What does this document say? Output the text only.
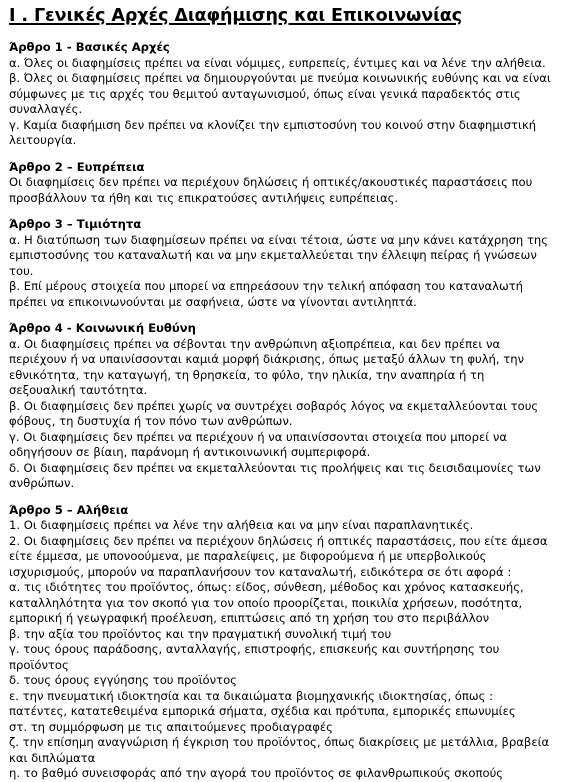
I . Γενικές Αρχές Διαφήμισης και Επικοινωνίας
Άρθρο 1 - Βασικές Αρχές
α. Όλες οι διαφημίσεις πρέπει να είναι νόμιμες, ευπρεπείς, έντιμες και να λένε την αλήθεια.
β. Όλες οι διαφημίσεις πρέπει να δημιουργούνται με πνεύμα κοινωνικής ευθύνης και να είναι σύμφωνες με τις αρχές του θεμιτού ανταγωνισμού, όπως είναι γενικά παραδεκτός στις συναλλαγές.
γ. Καμία διαφήμιση δεν πρέπει να κλονίζει την εμπιστοσύνη του κοινού στην διαφημιστική λειτουργία.
Άρθρο 2 – Ευπρέπεια
Οι διαφημίσεις δεν πρέπει να περιέχουν δηλώσεις ή οπτικές/ακουστικές παραστάσεις που προσβάλλουν τα ήθη και τις επικρατούσες αντιλήψεις ευπρέπειας.
Άρθρο 3 – Τιμιότητα
α. Η διατύπωση των διαφημίσεων πρέπει να είναι τέτοια, ώστε να μην κάνει κατάχρηση της εμπιστοσύνης του καταναλωτή και να μην εκμεταλλεύεται την έλλειψη πείρας ή γνώσεων του.
β. Επί μέρους στοιχεία που μπορεί να επηρεάσουν την τελική απόφαση του καταναλωτή πρέπει να επικοινωνούνται με σαφήνεια, ώστε να γίνονται αντιληπτά.
Άρθρο 4 - Κοινωνική Ευθύνη
α. Οι διαφημίσεις πρέπει να σέβονται την ανθρώπινη αξιοπρέπεια, και δεν πρέπει να περιέχουν ή να υπαινίσσονται καμιά μορφή διάκρισης, όπως μεταξύ άλλων τη φυλή, την εθνικότητα, την καταγωγή, τη θρησκεία, το φύλο, την ηλικία, την αναπηρία ή τη σεξουαλική ταυτότητα.
β. Οι διαφημίσεις δεν πρέπει χωρίς να συντρέχει σοβαρός λόγος να εκμεταλλεύονται τους φόβους, τη δυστυχία ή τον πόνο των ανθρώπων.
γ. Οι διαφημίσεις δεν πρέπει να περιέχουν ή να υπαινίσσονται στοιχεία που μπορεί να οδηγήσουν σε βίαιη, παράνομη ή αντικοινωνική συμπεριφορά.
δ. Οι διαφημίσεις δεν πρέπει να εκμεταλλεύονται τις προλήψεις και τις δεισιδαιμονίες των ανθρώπων.
Άρθρο 5 – Αλήθεια
1. Οι διαφημίσεις πρέπει να λένε την αλήθεια και να μην είναι παραπλανητικές.
2. Οι διαφημίσεις δεν πρέπει να περιέχουν δηλώσεις ή οπτικές παραστάσεις, που είτε άμεσα είτε έμμεσα, με υπονοούμενα, με παραλείψεις, με διφορούμενα ή με υπερβολικούς ισχυρισμούς, μπορούν να παραπλανήσουν τον καταναλωτή, ειδικότερα σε ότι αφορά :
α. τις ιδιότητες του προϊόντος, όπως: είδος, σύνθεση, μέθοδος και χρόνος κατασκευής, καταλληλότητα για τον σκοπό για τον οποίο προορίζεται, ποικιλία χρήσεων, ποσότητα, εμπορική ή γεωγραφική προέλευση, επιπτώσεις από τη χρήση του στο περιβάλλον
β. την αξία του προϊόντος και την πραγματική συνολική τιμή του
γ. τους όρους παράδοσης, ανταλλαγής, επιστροφής, επισκευής και συντήρησης του προϊόντος
δ. τους όρους εγγύησης του προϊόντος
ε. την πνευματική ιδιοκτησία και τα δικαιώματα βιομηχανικής ιδιοκτησίας, όπως : πατέντες, κατατεθειμένα εμπορικά σήματα, σχέδια και πρότυπα, εμπορικές επωνυμίες
στ. τη συμμόρφωση με τις απαιτούμενες προδιαγραφές
ζ. την επίσημη αναγνώριση ή έγκριση του προϊόντος, όπως διακρίσεις με μετάλλια, βραβεία και διπλώματα
η. το βαθμό συνεισφοράς από την αγορά του προϊόντος σε φιλανθρωπικούς σκοπούς
